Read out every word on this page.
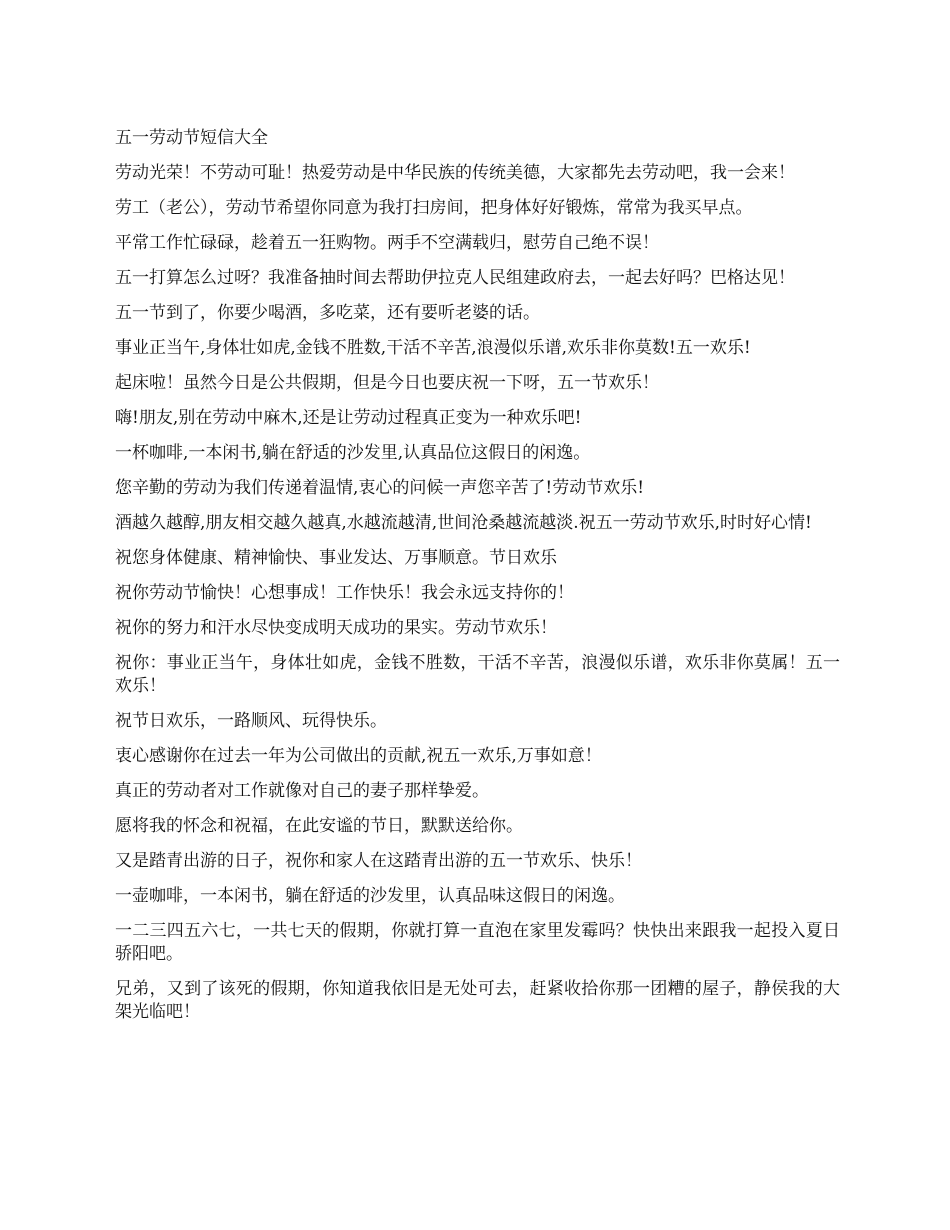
五一劳动节短信大全

劳动光荣！不劳动可耻！热爱劳动是中华民族的传统美德，大家都先去劳动吧，我一会来！

劳工（老公），劳动节希望你同意为我打扫房间，把身体好好锻炼，常常为我买早点。

平常工作忙碌碌，趁着五一狂购物。两手不空满载归，慰劳自己绝不误！

五一打算怎么过呀？我准备抽时间去帮助伊拉克人民组建政府去，一起去好吗？巴格达见！

五一节到了，你要少喝酒，多吃菜，还有要听老婆的话。

事业正当午,身体壮如虎,金钱不胜数,干活不辛苦,浪漫似乐谱,欢乐非你莫数!五一欢乐!

起床啦！虽然今日是公共假期，但是今日也要庆祝一下呀，五一节欢乐！

嗨!朋友,别在劳动中麻木,还是让劳动过程真正变为一种欢乐吧!

一杯咖啡,一本闲书,躺在舒适的沙发里,认真品位这假日的闲逸。

您辛勤的劳动为我们传递着温情,衷心的问候一声您辛苦了!劳动节欢乐!

酒越久越醇,朋友相交越久越真,水越流越清,世间沧桑越流越淡.祝五一劳动节欢乐,时时好心情!

祝您身体健康、精神愉快、事业发达、万事顺意。节日欢乐

祝你劳动节愉快！心想事成！工作快乐！我会永远支持你的！

祝你的努力和汗水尽快变成明天成功的果实。劳动节欢乐！

祝你：事业正当午，身体壮如虎，金钱不胜数，干活不辛苦，浪漫似乐谱，欢乐非你莫属！五一欢乐！

祝节日欢乐，一路顺风、玩得快乐。

衷心感谢你在过去一年为公司做出的贡献,祝五一欢乐,万事如意！

真正的劳动者对工作就像对自己的妻子那样挚爱。

愿将我的怀念和祝福，在此安谧的节日，默默送给你。

又是踏青出游的日子，祝你和家人在这踏青出游的五一节欢乐、快乐！

一壶咖啡，一本闲书，躺在舒适的沙发里，认真品味这假日的闲逸。

一二三四五六七，一共七天的假期，你就打算一直泡在家里发霉吗？快快出来跟我一起投入夏日骄阳吧。

兄弟，又到了该死的假期，你知道我依旧是无处可去，赶紧收拾你那一团糟的屋子，静侯我的大架光临吧！
